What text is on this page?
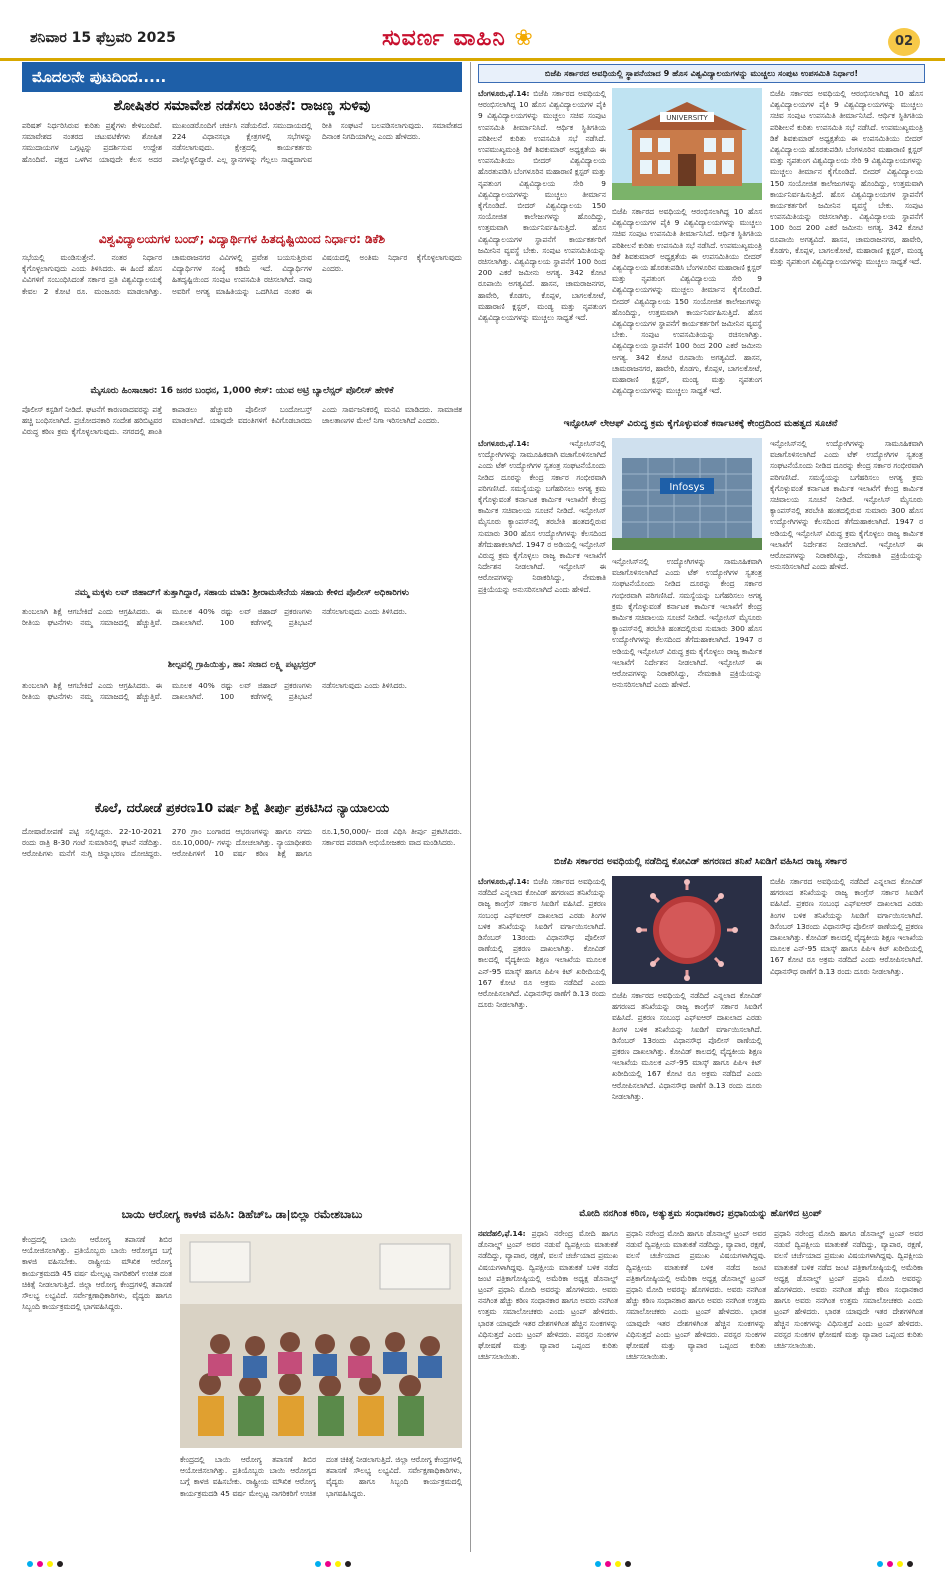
ಶನಿವಾರ 15 ಫೆಬ್ರವರಿ 2025	ಸುವರ್ಣ ವಾಹಿನಿ ❀	02
ಮೊದಲನೇ ಪುಟದಿಂದ.....
ಶೋಷಿತರ ಸಮಾವೇಶ ನಡೆಸಲು ಚಿಂತನೆ: ರಾಜಣ್ಣ ಸುಳಿವು
ಪರಿಷತ್ ನಿರ್ಧರಿಸಿರುವ ಕುರಿತು ಪ್ರಶ್ನೆಗಳು ಕೇಳಿಬಂದಿವೆ. ಸಮಾವೇಶದ ನಂತರದ ಚಟುವಟಿಕೆಗಳು ಶೋಷಿತ ಸಮುದಾಯಗಳ ಒಗ್ಗಟ್ಟನ್ನು ಪ್ರದರ್ಶಿಸುವ ಉದ್ದೇಶ ಹೊಂದಿವೆ. ಪಕ್ಷದ ಒಳಗಿನ ಯಾವುದೇ ಕೆಲಸ ಅದರ ಮುಖಂಡರೊಂದಿಗೆ ಚರ್ಚಿಸಿ ನಡೆಯಲಿದೆ. ಸಮುದಾಯದಲ್ಲಿ 224 ವಿಧಾನಸಭಾ ಕ್ಷೇತ್ರಗಳಲ್ಲಿ ಸಭೆಗಳನ್ನು ನಡೆಸಲಾಗುವುದು. ಕ್ಷೇತ್ರದಲ್ಲಿ ಕಾರ್ಯಕರ್ತರು ಪಾಲ್ಗೊಳ್ಳಲಿದ್ದಾರೆ. ಎಲ್ಲ ಸ್ಥಾನಗಳನ್ನು ಗೆಲ್ಲಲು ಸಾಧ್ಯವಾಗುವ ರೀತಿ ಸಂಘಟನೆ ಬಲಪಡಿಸಲಾಗುವುದು. ಸಮಾವೇಶದ ದಿನಾಂಕ ನಿಗದಿಯಾಗಿಲ್ಲ ಎಂದು ಹೇಳಿದರು.
ವಿಶ್ವವಿದ್ಯಾಲಯಗಳ ಬಂದ್; ವಿದ್ಯಾರ್ಥಿಗಳ ಹಿತದೃಷ್ಟಿಯಿಂದ ನಿರ್ಧಾರ: ಡಿಕೆಶಿ
ಸಭೆಯಲ್ಲಿ ಮಂಡಿಸುತ್ತೇನೆ. ನಂತರ ನಿರ್ಧಾರ ಕೈಗೊಳ್ಳಲಾಗುವುದು ಎಂದು ತಿಳಿಸಿದರು. ಈ ಹಿಂದೆ ಹೊಸ ವಿವಿಗಳಿಗೆ ಸಂಬಂಧಿಸಿದಂತೆ ಸರ್ಕಾರ ಪ್ರತಿ ವಿಶ್ವವಿದ್ಯಾಲಯಕ್ಕೆ ಕೇವಲ 2 ಕೋಟಿ ರೂ. ಮಂಜೂರು ಮಾಡಲಾಗಿತ್ತು. ಚಾಮರಾಜನಗರ ವಿವಿಗಳಲ್ಲಿ ಪ್ರವೇಶ ಬಯಸುತ್ತಿರುವ ವಿದ್ಯಾರ್ಥಿಗಳ ಸಂಖ್ಯೆ ಕಡಿಮೆ ಇದೆ. ವಿದ್ಯಾರ್ಥಿಗಳ ಹಿತದೃಷ್ಟಿಯಿಂದ ಸಂಪುಟ ಉಪಸಮಿತಿ ರಚಿಸಲಾಗಿದೆ. ನಾವು ಅವರಿಗೆ ಅಗತ್ಯ ಮಾಹಿತಿಯನ್ನು ಒದಗಿಸಿದ ನಂತರ ಈ ವಿಷಯದಲ್ಲಿ ಅಂತಿಮ ನಿರ್ಧಾರ ಕೈಗೊಳ್ಳಲಾಗುವುದು ಎಂದರು.
ಮೈಸೂರು ಹಿಂಸಾಚಾರ: 16 ಜನರ ಬಂಧನ, 1,000 ಕೇಸ್: ಯುವ ಅಟ್ರಿ ಬ್ಯಾಲೆನ್ಸರ್ ಪೊಲೀಸ್ ಹೇಳಿಕೆ
ಪೊಲೀಸ್ ಕಸ್ಟಡಿಗೆ ನೀಡಿದೆ. ಘಟನೆಗೆ ಕಾರಣರಾದವರನ್ನು ಪತ್ತೆ ಹಚ್ಚಿ ಬಂಧಿಸಲಾಗಿದೆ. ಪ್ರಚೋದನಕಾರಿ ಸಂದೇಶ ಹರಿಬಿಟ್ಟವರ ವಿರುದ್ಧ ಕಠಿಣ ಕ್ರಮ ಕೈಗೊಳ್ಳಲಾಗುವುದು. ನಗರದಲ್ಲಿ ಶಾಂತಿ ಕಾಪಾಡಲು ಹೆಚ್ಚುವರಿ ಪೊಲೀಸ್ ಬಂದೋಬಸ್ತ್ ಮಾಡಲಾಗಿದೆ. ಯಾವುದೇ ವದಂತಿಗಳಿಗೆ ಕಿವಿಗೊಡಬಾರದು ಎಂದು ಸಾರ್ವಜನಿಕರಲ್ಲಿ ಮನವಿ ಮಾಡಿದರು. ಸಾಮಾಜಿಕ ಜಾಲತಾಣಗಳ ಮೇಲೆ ನಿಗಾ ಇರಿಸಲಾಗಿದೆ ಎಂದರು.
ನಮ್ಮ ಮಕ್ಕಳು ಲವ್ ಜಿಹಾದ್‌ಗೆ ತುತ್ತಾಗಿದ್ದಾರೆ, ಸಹಾಯ ಮಾಡಿ: ಶ್ರೀರಾಮಸೇನೆಯ ಸಹಾಯ ಕೇಳಿದ ಪೊಲೀಸ್ ಅಧಿಕಾರಿಗಳು
ತುಂಬಲಾಗಿ ಶಿಕ್ಷೆ ಆಗಬೇಕಿದೆ ಎಂದು ಆಗ್ರಹಿಸಿದರು. ಈ ರೀತಿಯ ಘಟನೆಗಳು ನಮ್ಮ ಸಮಾಜದಲ್ಲಿ ಹೆಚ್ಚುತ್ತಿವೆ. ಮೂಲಕ 40% ರಷ್ಟು ಲವ್ ಜಿಹಾದ್ ಪ್ರಕರಣಗಳು ದಾಖಲಾಗಿವೆ. 100 ಕಡೆಗಳಲ್ಲಿ ಪ್ರತಿಭಟನೆ ನಡೆಸಲಾಗುವುದು ಎಂದು ತಿಳಿಸಿದರು.
ಶೀಲ್ಪವಲ್ಲಿ ಗ್ರಾಹಿಯಿತ್ತು, ಹಾ: ಸಜಾದ ಲಕ್ಷ್ಮಿ ಪಟ್ಟಭದ್ರರ್
ತುಂಬಲಾಗಿ ಶಿಕ್ಷೆ ಆಗಬೇಕಿದೆ ಎಂದು ಆಗ್ರಹಿಸಿದರು. ಈ ರೀತಿಯ ಘಟನೆಗಳು ನಮ್ಮ ಸಮಾಜದಲ್ಲಿ ಹೆಚ್ಚುತ್ತಿವೆ. ಮೂಲಕ 40% ರಷ್ಟು ಲವ್ ಜಿಹಾದ್ ಪ್ರಕರಣಗಳು ದಾಖಲಾಗಿವೆ. 100 ಕಡೆಗಳಲ್ಲಿ ಪ್ರತಿಭಟನೆ ನಡೆಸಲಾಗುವುದು ಎಂದು ತಿಳಿಸಿದರು.
ಕೊಲೆ, ದರೋಡೆ ಪ್ರಕರಣ10 ವರ್ಷ ಶಿಕ್ಷೆ ತೀರ್ಪು ಪ್ರಕಟಿಸಿದ ನ್ಯಾಯಾಲಯ
ದೋಷಾರೋಪಣೆ ಪಟ್ಟಿ ಸಲ್ಲಿಸಿದ್ದರು. 22-10-2021 ರಂದು ರಾತ್ರಿ 8-30 ಗಂಟೆ ಸುಮಾರಿನಲ್ಲಿ ಘಟನೆ ನಡೆದಿತ್ತು. ಆರೋಪಿಗಳು ಮನೆಗೆ ನುಗ್ಗಿ ಚಿನ್ನಾಭರಣ ದೋಚಿದ್ದರು. 270 ಗ್ರಾಂ ಬಂಗಾರದ ಆಭರಣಗಳನ್ನು ಹಾಗೂ ನಗದು ರೂ.10,000/- ಗಳನ್ನು ದೋಚಲಾಗಿತ್ತು. ನ್ಯಾಯಾಧೀಶರು ಆರೋಪಿಗಳಿಗೆ 10 ವರ್ಷ ಕಠಿಣ ಶಿಕ್ಷೆ ಹಾಗೂ ರೂ.1,50,000/- ದಂಡ ವಿಧಿಸಿ ತೀರ್ಪು ಪ್ರಕಟಿಸಿದರು. ಸರ್ಕಾರದ ಪರವಾಗಿ ಅಭಿಯೋಜಕರು ವಾದ ಮಂಡಿಸಿದರು.
ಬಾಯಿ ಆರೋಗ್ಯ ಕಾಳಜಿ ವಹಿಸಿ: ಡಿಹೆಚ್ಒ ಡಾ|ಬಿಲ್ಲಾ ರಮೇಶಬಾಬು
ಕೇಂದ್ರದಲ್ಲಿ ಬಾಯಿ ಆರೋಗ್ಯ ತಪಾಸಣೆ ಶಿಬಿರ ಆಯೋಜಿಸಲಾಗಿತ್ತು. ಪ್ರತಿಯೊಬ್ಬರು ಬಾಯಿ ಆರೋಗ್ಯದ ಬಗ್ಗೆ ಕಾಳಜಿ ವಹಿಸಬೇಕು. ರಾಷ್ಟ್ರೀಯ ಮೌಖಿಕ ಆರೋಗ್ಯ ಕಾರ್ಯಕ್ರಮದಡಿ 45 ವರ್ಷ ಮೇಲ್ಪಟ್ಟ ನಾಗರಿಕರಿಗೆ ಉಚಿತ ದಂತ ಚಿಕಿತ್ಸೆ ನೀಡಲಾಗುತ್ತಿದೆ. ಜಿಲ್ಲಾ ಆರೋಗ್ಯ ಕೇಂದ್ರಗಳಲ್ಲಿ ತಪಾಸಣೆ ಸೌಲಭ್ಯ ಲಭ್ಯವಿದೆ. ಸರ್ವೇಕ್ಷಣಾಧಿಕಾರಿಗಳು, ವೈದ್ಯರು ಹಾಗೂ ಸಿಬ್ಬಂದಿ ಕಾರ್ಯಕ್ರಮದಲ್ಲಿ ಭಾಗವಹಿಸಿದ್ದರು.
ಕೇಂದ್ರದಲ್ಲಿ ಬಾಯಿ ಆರೋಗ್ಯ ತಪಾಸಣೆ ಶಿಬಿರ ಆಯೋಜಿಸಲಾಗಿತ್ತು. ಪ್ರತಿಯೊಬ್ಬರು ಬಾಯಿ ಆರೋಗ್ಯದ ಬಗ್ಗೆ ಕಾಳಜಿ ವಹಿಸಬೇಕು. ರಾಷ್ಟ್ರೀಯ ಮೌಖಿಕ ಆರೋಗ್ಯ ಕಾರ್ಯಕ್ರಮದಡಿ 45 ವರ್ಷ ಮೇಲ್ಪಟ್ಟ ನಾಗರಿಕರಿಗೆ ಉಚಿತ ದಂತ ಚಿಕಿತ್ಸೆ ನೀಡಲಾಗುತ್ತಿದೆ. ಜಿಲ್ಲಾ ಆರೋಗ್ಯ ಕೇಂದ್ರಗಳಲ್ಲಿ ತಪಾಸಣೆ ಸೌಲಭ್ಯ ಲಭ್ಯವಿದೆ. ಸರ್ವೇಕ್ಷಣಾಧಿಕಾರಿಗಳು, ವೈದ್ಯರು ಹಾಗೂ ಸಿಬ್ಬಂದಿ ಕಾರ್ಯಕ್ರಮದಲ್ಲಿ ಭಾಗವಹಿಸಿದ್ದರು.
ಬಿಜೆಪಿ ಸರ್ಕಾರದ ಅವಧಿಯಲ್ಲಿ ಸ್ಥಾಪನೆಯಾದ 9 ಹೊಸ ವಿಶ್ವವಿದ್ಯಾಲಯಗಳನ್ನು ಮುಚ್ಚಲು ಸಂಪುಟ ಉಪಸಮಿತಿ ನಿರ್ಧಾರ!
ಬೆಂಗಳೂರು,ಫೆ.14: ಬಿಜೆಪಿ ಸರ್ಕಾರದ ಅವಧಿಯಲ್ಲಿ ಆರಂಭಿಸಲಾಗಿದ್ದ 10 ಹೊಸ ವಿಶ್ವವಿದ್ಯಾಲಯಗಳ ಪೈಕಿ 9 ವಿಶ್ವವಿದ್ಯಾಲಯಗಳನ್ನು ಮುಚ್ಚಲು ಸಚಿವ ಸಂಪುಟ ಉಪಸಮಿತಿ ತೀರ್ಮಾನಿಸಿದೆ. ಆರ್ಥಿಕ ಸ್ಥಿತಿಗತಿಯ ಪರಿಶೀಲನೆ ಕುರಿತು ಉಪಸಮಿತಿ ಸಭೆ ನಡೆಸಿದೆ. ಉಪಮುಖ್ಯಮಂತ್ರಿ ಡಿಕೆ ಶಿವಕುಮಾರ್ ಅಧ್ಯಕ್ಷತೆಯ ಈ ಉಪಸಮಿತಿಯು ಬೀದರ್ ವಿಶ್ವವಿದ್ಯಾಲಯ ಹೊರತುಪಡಿಸಿ ಬೆಂಗಳೂರಿನ ಮಹಾರಾಣಿ ಕ್ಲಸ್ಟರ್ ಮತ್ತು ನೃಪತುಂಗ ವಿಶ್ವವಿದ್ಯಾಲಯ ಸೇರಿ 9 ವಿಶ್ವವಿದ್ಯಾಲಯಗಳನ್ನು ಮುಚ್ಚಲು ತೀರ್ಮಾನ ಕೈಗೊಂಡಿದೆ. ಬೀದರ್ ವಿಶ್ವವಿದ್ಯಾಲಯ 150 ಸಂಯೋಜಿತ ಕಾಲೇಜುಗಳನ್ನು ಹೊಂದಿದ್ದು, ಉತ್ತಮವಾಗಿ ಕಾರ್ಯನಿರ್ವಹಿಸುತ್ತಿದೆ. ಹೊಸ ವಿಶ್ವವಿದ್ಯಾಲಯಗಳ ಸ್ಥಾಪನೆಗೆ ಕಾರ್ಯಕರ್ತರಿಗೆ ಜಮೀನಿನ ವ್ಯವಸ್ಥೆ ಬೇಕು. ಸಂಪುಟ ಉಪಸಮಿತಿಯನ್ನು ರಚಿಸಲಾಗಿತ್ತು. ವಿಶ್ವವಿದ್ಯಾಲಯ ಸ್ಥಾಪನೆಗೆ 100 ರಿಂದ 200 ಎಕರೆ ಜಮೀನು ಅಗತ್ಯ. 342 ಕೋಟಿ ರೂಪಾಯಿ ಅಗತ್ಯವಿದೆ. ಹಾಸನ, ಚಾಮರಾಜನಗರ, ಹಾವೇರಿ, ಕೊಡಗು, ಕೊಪ್ಪಳ, ಬಾಗಲಕೋಟೆ, ಮಹಾರಾಣಿ ಕ್ಲಸ್ಟರ್, ಮಂಡ್ಯ ಮತ್ತು ನೃಪತುಂಗ ವಿಶ್ವವಿದ್ಯಾಲಯಗಳನ್ನು ಮುಚ್ಚಲು ಸಾಧ್ಯತೆ ಇದೆ.
UNIVERSITY
ಬಿಜೆಪಿ ಸರ್ಕಾರದ ಅವಧಿಯಲ್ಲಿ ಆರಂಭಿಸಲಾಗಿದ್ದ 10 ಹೊಸ ವಿಶ್ವವಿದ್ಯಾಲಯಗಳ ಪೈಕಿ 9 ವಿಶ್ವವಿದ್ಯಾಲಯಗಳನ್ನು ಮುಚ್ಚಲು ಸಚಿವ ಸಂಪುಟ ಉಪಸಮಿತಿ ತೀರ್ಮಾನಿಸಿದೆ. ಆರ್ಥಿಕ ಸ್ಥಿತಿಗತಿಯ ಪರಿಶೀಲನೆ ಕುರಿತು ಉಪಸಮಿತಿ ಸಭೆ ನಡೆಸಿದೆ. ಉಪಮುಖ್ಯಮಂತ್ರಿ ಡಿಕೆ ಶಿವಕುಮಾರ್ ಅಧ್ಯಕ್ಷತೆಯ ಈ ಉಪಸಮಿತಿಯು ಬೀದರ್ ವಿಶ್ವವಿದ್ಯಾಲಯ ಹೊರತುಪಡಿಸಿ ಬೆಂಗಳೂರಿನ ಮಹಾರಾಣಿ ಕ್ಲಸ್ಟರ್ ಮತ್ತು ನೃಪತುಂಗ ವಿಶ್ವವಿದ್ಯಾಲಯ ಸೇರಿ 9 ವಿಶ್ವವಿದ್ಯಾಲಯಗಳನ್ನು ಮುಚ್ಚಲು ತೀರ್ಮಾನ ಕೈಗೊಂಡಿದೆ. ಬೀದರ್ ವಿಶ್ವವಿದ್ಯಾಲಯ 150 ಸಂಯೋಜಿತ ಕಾಲೇಜುಗಳನ್ನು ಹೊಂದಿದ್ದು, ಉತ್ತಮವಾಗಿ ಕಾರ್ಯನಿರ್ವಹಿಸುತ್ತಿದೆ. ಹೊಸ ವಿಶ್ವವಿದ್ಯಾಲಯಗಳ ಸ್ಥಾಪನೆಗೆ ಕಾರ್ಯಕರ್ತರಿಗೆ ಜಮೀನಿನ ವ್ಯವಸ್ಥೆ ಬೇಕು. ಸಂಪುಟ ಉಪಸಮಿತಿಯನ್ನು ರಚಿಸಲಾಗಿತ್ತು. ವಿಶ್ವವಿದ್ಯಾಲಯ ಸ್ಥಾಪನೆಗೆ 100 ರಿಂದ 200 ಎಕರೆ ಜಮೀನು ಅಗತ್ಯ. 342 ಕೋಟಿ ರೂಪಾಯಿ ಅಗತ್ಯವಿದೆ. ಹಾಸನ, ಚಾಮರಾಜನಗರ, ಹಾವೇರಿ, ಕೊಡಗು, ಕೊಪ್ಪಳ, ಬಾಗಲಕೋಟೆ, ಮಹಾರಾಣಿ ಕ್ಲಸ್ಟರ್, ಮಂಡ್ಯ ಮತ್ತು ನೃಪತುಂಗ ವಿಶ್ವವಿದ್ಯಾಲಯಗಳನ್ನು ಮುಚ್ಚಲು ಸಾಧ್ಯತೆ ಇದೆ.
ಬಿಜೆಪಿ ಸರ್ಕಾರದ ಅವಧಿಯಲ್ಲಿ ಆರಂಭಿಸಲಾಗಿದ್ದ 10 ಹೊಸ ವಿಶ್ವವಿದ್ಯಾಲಯಗಳ ಪೈಕಿ 9 ವಿಶ್ವವಿದ್ಯಾಲಯಗಳನ್ನು ಮುಚ್ಚಲು ಸಚಿವ ಸಂಪುಟ ಉಪಸಮಿತಿ ತೀರ್ಮಾನಿಸಿದೆ. ಆರ್ಥಿಕ ಸ್ಥಿತಿಗತಿಯ ಪರಿಶೀಲನೆ ಕುರಿತು ಉಪಸಮಿತಿ ಸಭೆ ನಡೆಸಿದೆ. ಉಪಮುಖ್ಯಮಂತ್ರಿ ಡಿಕೆ ಶಿವಕುಮಾರ್ ಅಧ್ಯಕ್ಷತೆಯ ಈ ಉಪಸಮಿತಿಯು ಬೀದರ್ ವಿಶ್ವವಿದ್ಯಾಲಯ ಹೊರತುಪಡಿಸಿ ಬೆಂಗಳೂರಿನ ಮಹಾರಾಣಿ ಕ್ಲಸ್ಟರ್ ಮತ್ತು ನೃಪತುಂಗ ವಿಶ್ವವಿದ್ಯಾಲಯ ಸೇರಿ 9 ವಿಶ್ವವಿದ್ಯಾಲಯಗಳನ್ನು ಮುಚ್ಚಲು ತೀರ್ಮಾನ ಕೈಗೊಂಡಿದೆ. ಬೀದರ್ ವಿಶ್ವವಿದ್ಯಾಲಯ 150 ಸಂಯೋಜಿತ ಕಾಲೇಜುಗಳನ್ನು ಹೊಂದಿದ್ದು, ಉತ್ತಮವಾಗಿ ಕಾರ್ಯನಿರ್ವಹಿಸುತ್ತಿದೆ. ಹೊಸ ವಿಶ್ವವಿದ್ಯಾಲಯಗಳ ಸ್ಥಾಪನೆಗೆ ಕಾರ್ಯಕರ್ತರಿಗೆ ಜಮೀನಿನ ವ್ಯವಸ್ಥೆ ಬೇಕು. ಸಂಪುಟ ಉಪಸಮಿತಿಯನ್ನು ರಚಿಸಲಾಗಿತ್ತು. ವಿಶ್ವವಿದ್ಯಾಲಯ ಸ್ಥಾಪನೆಗೆ 100 ರಿಂದ 200 ಎಕರೆ ಜಮೀನು ಅಗತ್ಯ. 342 ಕೋಟಿ ರೂಪಾಯಿ ಅಗತ್ಯವಿದೆ. ಹಾಸನ, ಚಾಮರಾಜನಗರ, ಹಾವೇರಿ, ಕೊಡಗು, ಕೊಪ್ಪಳ, ಬಾಗಲಕೋಟೆ, ಮಹಾರಾಣಿ ಕ್ಲಸ್ಟರ್, ಮಂಡ್ಯ ಮತ್ತು ನೃಪತುಂಗ ವಿಶ್ವವಿದ್ಯಾಲಯಗಳನ್ನು ಮುಚ್ಚಲು ಸಾಧ್ಯತೆ ಇದೆ.
ಇನ್ಫೋಸಿಸ್ ಲೇಆಫ್ ವಿರುದ್ಧ ಕ್ರಮ ಕೈಗೊಳ್ಳುವಂತೆ ಕರ್ನಾಟಕಕ್ಕೆ ಕೇಂದ್ರದಿಂದ ಮಹತ್ವದ ಸೂಚನೆ
ಬೆಂಗಳೂರು,ಫೆ.14:	ಇನ್ಫೋಸಿಸ್‌ನಲ್ಲಿ ಉದ್ಯೋಗಿಗಳನ್ನು ಸಾಮೂಹಿಕವಾಗಿ ವಜಾಗೊಳಿಸಲಾಗಿದೆ ಎಂದು ಟೆಕ್ ಉದ್ಯೋಗಿಗಳ ಸ್ವತಂತ್ರ ಸಂಘಟನೆಯೊಂದು ನೀಡಿದ ದೂರನ್ನು ಕೇಂದ್ರ ಸರ್ಕಾರ ಗಂಭೀರವಾಗಿ ಪರಿಗಣಿಸಿದೆ. ಸಮಸ್ಯೆಯನ್ನು ಬಗೆಹರಿಸಲು ಅಗತ್ಯ ಕ್ರಮ ಕೈಗೊಳ್ಳುವಂತೆ ಕರ್ನಾಟಕ ಕಾರ್ಮಿಕ ಇಲಾಖೆಗೆ ಕೇಂದ್ರ ಕಾರ್ಮಿಕ ಸಚಿವಾಲಯ ಸೂಚನೆ ನೀಡಿದೆ. ಇನ್ಫೋಸಿಸ್ ಮೈಸೂರು ಕ್ಯಾಂಪಸ್‌ನಲ್ಲಿ ತರಬೇತಿ ಹಂತದಲ್ಲಿರುವ ಸುಮಾರು 300 ಹೊಸ ಉದ್ಯೋಗಿಗಳನ್ನು ಕೆಲಸದಿಂದ ತೆಗೆದುಹಾಕಲಾಗಿದೆ. 1947 ರ ಅಡಿಯಲ್ಲಿ ಇನ್ಫೋಸಿಸ್ ವಿರುದ್ಧ ಕ್ರಮ ಕೈಗೊಳ್ಳಲು ರಾಜ್ಯ ಕಾರ್ಮಿಕ ಇಲಾಖೆಗೆ ನಿರ್ದೇಶನ ನೀಡಲಾಗಿದೆ. ಇನ್ಫೋಸಿಸ್ ಈ ಆರೋಪಗಳನ್ನು ನಿರಾಕರಿಸಿದ್ದು, ನೇಮಕಾತಿ ಪ್ರಕ್ರಿಯೆಯನ್ನು ಅನುಸರಿಸಲಾಗಿದೆ ಎಂದು ಹೇಳಿದೆ.
Infosys
ಇನ್ಫೋಸಿಸ್‌ನಲ್ಲಿ ಉದ್ಯೋಗಿಗಳನ್ನು ಸಾಮೂಹಿಕವಾಗಿ ವಜಾಗೊಳಿಸಲಾಗಿದೆ ಎಂದು ಟೆಕ್ ಉದ್ಯೋಗಿಗಳ ಸ್ವತಂತ್ರ ಸಂಘಟನೆಯೊಂದು ನೀಡಿದ ದೂರನ್ನು ಕೇಂದ್ರ ಸರ್ಕಾರ ಗಂಭೀರವಾಗಿ ಪರಿಗಣಿಸಿದೆ. ಸಮಸ್ಯೆಯನ್ನು ಬಗೆಹರಿಸಲು ಅಗತ್ಯ ಕ್ರಮ ಕೈಗೊಳ್ಳುವಂತೆ ಕರ್ನಾಟಕ ಕಾರ್ಮಿಕ ಇಲಾಖೆಗೆ ಕೇಂದ್ರ ಕಾರ್ಮಿಕ ಸಚಿವಾಲಯ ಸೂಚನೆ ನೀಡಿದೆ. ಇನ್ಫೋಸಿಸ್ ಮೈಸೂರು ಕ್ಯಾಂಪಸ್‌ನಲ್ಲಿ ತರಬೇತಿ ಹಂತದಲ್ಲಿರುವ ಸುಮಾರು 300 ಹೊಸ ಉದ್ಯೋಗಿಗಳನ್ನು ಕೆಲಸದಿಂದ ತೆಗೆದುಹಾಕಲಾಗಿದೆ. 1947 ರ ಅಡಿಯಲ್ಲಿ ಇನ್ಫೋಸಿಸ್ ವಿರುದ್ಧ ಕ್ರಮ ಕೈಗೊಳ್ಳಲು ರಾಜ್ಯ ಕಾರ್ಮಿಕ ಇಲಾಖೆಗೆ ನಿರ್ದೇಶನ ನೀಡಲಾಗಿದೆ. ಇನ್ಫೋಸಿಸ್ ಈ ಆರೋಪಗಳನ್ನು ನಿರಾಕರಿಸಿದ್ದು, ನೇಮಕಾತಿ ಪ್ರಕ್ರಿಯೆಯನ್ನು ಅನುಸರಿಸಲಾಗಿದೆ ಎಂದು ಹೇಳಿದೆ.
ಇನ್ಫೋಸಿಸ್‌ನಲ್ಲಿ ಉದ್ಯೋಗಿಗಳನ್ನು ಸಾಮೂಹಿಕವಾಗಿ ವಜಾಗೊಳಿಸಲಾಗಿದೆ ಎಂದು ಟೆಕ್ ಉದ್ಯೋಗಿಗಳ ಸ್ವತಂತ್ರ ಸಂಘಟನೆಯೊಂದು ನೀಡಿದ ದೂರನ್ನು ಕೇಂದ್ರ ಸರ್ಕಾರ ಗಂಭೀರವಾಗಿ ಪರಿಗಣಿಸಿದೆ. ಸಮಸ್ಯೆಯನ್ನು ಬಗೆಹರಿಸಲು ಅಗತ್ಯ ಕ್ರಮ ಕೈಗೊಳ್ಳುವಂತೆ ಕರ್ನಾಟಕ ಕಾರ್ಮಿಕ ಇಲಾಖೆಗೆ ಕೇಂದ್ರ ಕಾರ್ಮಿಕ ಸಚಿವಾಲಯ ಸೂಚನೆ ನೀಡಿದೆ. ಇನ್ಫೋಸಿಸ್ ಮೈಸೂರು ಕ್ಯಾಂಪಸ್‌ನಲ್ಲಿ ತರಬೇತಿ ಹಂತದಲ್ಲಿರುವ ಸುಮಾರು 300 ಹೊಸ ಉದ್ಯೋಗಿಗಳನ್ನು ಕೆಲಸದಿಂದ ತೆಗೆದುಹಾಕಲಾಗಿದೆ. 1947 ರ ಅಡಿಯಲ್ಲಿ ಇನ್ಫೋಸಿಸ್ ವಿರುದ್ಧ ಕ್ರಮ ಕೈಗೊಳ್ಳಲು ರಾಜ್ಯ ಕಾರ್ಮಿಕ ಇಲಾಖೆಗೆ ನಿರ್ದೇಶನ ನೀಡಲಾಗಿದೆ. ಇನ್ಫೋಸಿಸ್ ಈ ಆರೋಪಗಳನ್ನು ನಿರಾಕರಿಸಿದ್ದು, ನೇಮಕಾತಿ ಪ್ರಕ್ರಿಯೆಯನ್ನು ಅನುಸರಿಸಲಾಗಿದೆ ಎಂದು ಹೇಳಿದೆ.
ಬಿಜೆಪಿ ಸರ್ಕಾರದ ಅವಧಿಯಲ್ಲಿ ನಡೆದಿದ್ದ ಕೋವಿಡ್ ಹಗರಣದ ತನಿಖೆ ಸಿಐಡಿಗೆ ವಹಿಸಿದ ರಾಜ್ಯ ಸರ್ಕಾರ
ಬೆಂಗಳೂರು,ಫೆ.14: ಬಿಜೆಪಿ ಸರ್ಕಾರದ ಅವಧಿಯಲ್ಲಿ ನಡೆದಿದೆ ಎನ್ನಲಾದ ಕೋವಿಡ್ ಹಗರಣದ ತನಿಖೆಯನ್ನು ರಾಜ್ಯ ಕಾಂಗ್ರೆಸ್ ಸರ್ಕಾರ ಸಿಐಡಿಗೆ ವಹಿಸಿದೆ. ಪ್ರಕರಣ ಸಂಬಂಧ ಎಫ್ಐಆರ್ ದಾಖಲಾದ ಎರಡು ತಿಂಗಳ ಬಳಿಕ ತನಿಖೆಯನ್ನು ಸಿಐಡಿಗೆ ವರ್ಗಾಯಿಸಲಾಗಿದೆ. ಡಿಸೆಂಬರ್ 13ರಂದು ವಿಧಾನಸೌಧ ಪೊಲೀಸ್ ಠಾಣೆಯಲ್ಲಿ ಪ್ರಕರಣ ದಾಖಲಾಗಿತ್ತು. ಕೋವಿಡ್ ಕಾಲದಲ್ಲಿ ವೈದ್ಯಕೀಯ ಶಿಕ್ಷಣ ಇಲಾಖೆಯ ಮೂಲಕ ಎನ್-95 ಮಾಸ್ಕ್ ಹಾಗೂ ಪಿಪಿಇ ಕಿಟ್ ಖರೀದಿಯಲ್ಲಿ 167 ಕೋಟಿ ರೂ ಅಕ್ರಮ ನಡೆದಿದೆ ಎಂದು ಆರೋಪಿಸಲಾಗಿದೆ. ವಿಧಾನಸೌಧ ಠಾಣೆಗೆ ಡಿ.13 ರಂದು ದೂರು ನೀಡಲಾಗಿತ್ತು.
ಬಿಜೆಪಿ ಸರ್ಕಾರದ ಅವಧಿಯಲ್ಲಿ ನಡೆದಿದೆ ಎನ್ನಲಾದ ಕೋವಿಡ್ ಹಗರಣದ ತನಿಖೆಯನ್ನು ರಾಜ್ಯ ಕಾಂಗ್ರೆಸ್ ಸರ್ಕಾರ ಸಿಐಡಿಗೆ ವಹಿಸಿದೆ. ಪ್ರಕರಣ ಸಂಬಂಧ ಎಫ್ಐಆರ್ ದಾಖಲಾದ ಎರಡು ತಿಂಗಳ ಬಳಿಕ ತನಿಖೆಯನ್ನು ಸಿಐಡಿಗೆ ವರ್ಗಾಯಿಸಲಾಗಿದೆ. ಡಿಸೆಂಬರ್ 13ರಂದು ವಿಧಾನಸೌಧ ಪೊಲೀಸ್ ಠಾಣೆಯಲ್ಲಿ ಪ್ರಕರಣ ದಾಖಲಾಗಿತ್ತು. ಕೋವಿಡ್ ಕಾಲದಲ್ಲಿ ವೈದ್ಯಕೀಯ ಶಿಕ್ಷಣ ಇಲಾಖೆಯ ಮೂಲಕ ಎನ್-95 ಮಾಸ್ಕ್ ಹಾಗೂ ಪಿಪಿಇ ಕಿಟ್ ಖರೀದಿಯಲ್ಲಿ 167 ಕೋಟಿ ರೂ ಅಕ್ರಮ ನಡೆದಿದೆ ಎಂದು ಆರೋಪಿಸಲಾಗಿದೆ. ವಿಧಾನಸೌಧ ಠಾಣೆಗೆ ಡಿ.13 ರಂದು ದೂರು ನೀಡಲಾಗಿತ್ತು.
ಬಿಜೆಪಿ ಸರ್ಕಾರದ ಅವಧಿಯಲ್ಲಿ ನಡೆದಿದೆ ಎನ್ನಲಾದ ಕೋವಿಡ್ ಹಗರಣದ ತನಿಖೆಯನ್ನು ರಾಜ್ಯ ಕಾಂಗ್ರೆಸ್ ಸರ್ಕಾರ ಸಿಐಡಿಗೆ ವಹಿಸಿದೆ. ಪ್ರಕರಣ ಸಂಬಂಧ ಎಫ್ಐಆರ್ ದಾಖಲಾದ ಎರಡು ತಿಂಗಳ ಬಳಿಕ ತನಿಖೆಯನ್ನು ಸಿಐಡಿಗೆ ವರ್ಗಾಯಿಸಲಾಗಿದೆ. ಡಿಸೆಂಬರ್ 13ರಂದು ವಿಧಾನಸೌಧ ಪೊಲೀಸ್ ಠಾಣೆಯಲ್ಲಿ ಪ್ರಕರಣ ದಾಖಲಾಗಿತ್ತು. ಕೋವಿಡ್ ಕಾಲದಲ್ಲಿ ವೈದ್ಯಕೀಯ ಶಿಕ್ಷಣ ಇಲಾಖೆಯ ಮೂಲಕ ಎನ್-95 ಮಾಸ್ಕ್ ಹಾಗೂ ಪಿಪಿಇ ಕಿಟ್ ಖರೀದಿಯಲ್ಲಿ 167 ಕೋಟಿ ರೂ ಅಕ್ರಮ ನಡೆದಿದೆ ಎಂದು ಆರೋಪಿಸಲಾಗಿದೆ. ವಿಧಾನಸೌಧ ಠಾಣೆಗೆ ಡಿ.13 ರಂದು ದೂರು ನೀಡಲಾಗಿತ್ತು.
ಮೋದಿ ನನಗಿಂತ ಕಠಿಣ, ಅತ್ಯುತ್ತಮ ಸಂಧಾನಕಾರ; ಪ್ರಧಾನಿಯನ್ನು ಹೊಗಳಿದ ಟ್ರಂಪ್
ನವದೆಹಲಿ,ಫೆ.14: ಪ್ರಧಾನಿ ನರೇಂದ್ರ ಮೋದಿ ಹಾಗೂ ಡೊನಾಲ್ಡ್ ಟ್ರಂಪ್ ಅವರ ನಡುವೆ ದ್ವಿಪಕ್ಷೀಯ ಮಾತುಕತೆ ನಡೆದಿದ್ದು, ವ್ಯಾಪಾರ, ರಕ್ಷಣೆ, ವಲಸೆ ಚರ್ಚೆಯಾದ ಪ್ರಮುಖ ವಿಷಯಗಳಾಗಿದ್ದವು. ದ್ವಿಪಕ್ಷೀಯ ಮಾತುಕತೆ ಬಳಿಕ ನಡೆದ ಜಂಟಿ ಪತ್ರಿಕಾಗೋಷ್ಠಿಯಲ್ಲಿ ಅಮೆರಿಕಾ ಅಧ್ಯಕ್ಷ ಡೊನಾಲ್ಡ್ ಟ್ರಂಪ್ ಪ್ರಧಾನಿ ಮೋದಿ ಅವರನ್ನು ಹೊಗಳಿದರು. ಅವರು ನನಗಿಂತ ಹೆಚ್ಚು ಕಠಿಣ ಸಂಧಾನಕಾರ ಹಾಗೂ ಅವರು ನನಗಿಂತ ಉತ್ತಮ ಸಮಾಲೋಚಕರು ಎಂದು ಟ್ರಂಪ್ ಹೇಳಿದರು. ಭಾರತ ಯಾವುದೇ ಇತರ ದೇಶಗಳಿಗಿಂತ ಹೆಚ್ಚಿನ ಸುಂಕಗಳನ್ನು ವಿಧಿಸುತ್ತದೆ ಎಂದು ಟ್ರಂಪ್ ಹೇಳಿದರು. ಪರಸ್ಪರ ಸುಂಕಗಳ ಘೋಷಣೆ ಮತ್ತು ವ್ಯಾಪಾರ ಒಪ್ಪಂದ ಕುರಿತು ಚರ್ಚಿಸಲಾಯಿತು.
ಪ್ರಧಾನಿ ನರೇಂದ್ರ ಮೋದಿ ಹಾಗೂ ಡೊನಾಲ್ಡ್ ಟ್ರಂಪ್ ಅವರ ನಡುವೆ ದ್ವಿಪಕ್ಷೀಯ ಮಾತುಕತೆ ನಡೆದಿದ್ದು, ವ್ಯಾಪಾರ, ರಕ್ಷಣೆ, ವಲಸೆ ಚರ್ಚೆಯಾದ ಪ್ರಮುಖ ವಿಷಯಗಳಾಗಿದ್ದವು. ದ್ವಿಪಕ್ಷೀಯ ಮಾತುಕತೆ ಬಳಿಕ ನಡೆದ ಜಂಟಿ ಪತ್ರಿಕಾಗೋಷ್ಠಿಯಲ್ಲಿ ಅಮೆರಿಕಾ ಅಧ್ಯಕ್ಷ ಡೊನಾಲ್ಡ್ ಟ್ರಂಪ್ ಪ್ರಧಾನಿ ಮೋದಿ ಅವರನ್ನು ಹೊಗಳಿದರು. ಅವರು ನನಗಿಂತ ಹೆಚ್ಚು ಕಠಿಣ ಸಂಧಾನಕಾರ ಹಾಗೂ ಅವರು ನನಗಿಂತ ಉತ್ತಮ ಸಮಾಲೋಚಕರು ಎಂದು ಟ್ರಂಪ್ ಹೇಳಿದರು. ಭಾರತ ಯಾವುದೇ ಇತರ ದೇಶಗಳಿಗಿಂತ ಹೆಚ್ಚಿನ ಸುಂಕಗಳನ್ನು ವಿಧಿಸುತ್ತದೆ ಎಂದು ಟ್ರಂಪ್ ಹೇಳಿದರು. ಪರಸ್ಪರ ಸುಂಕಗಳ ಘೋಷಣೆ ಮತ್ತು ವ್ಯಾಪಾರ ಒಪ್ಪಂದ ಕುರಿತು ಚರ್ಚಿಸಲಾಯಿತು.
ಪ್ರಧಾನಿ ನರೇಂದ್ರ ಮೋದಿ ಹಾಗೂ ಡೊನಾಲ್ಡ್ ಟ್ರಂಪ್ ಅವರ ನಡುವೆ ದ್ವಿಪಕ್ಷೀಯ ಮಾತುಕತೆ ನಡೆದಿದ್ದು, ವ್ಯಾಪಾರ, ರಕ್ಷಣೆ, ವಲಸೆ ಚರ್ಚೆಯಾದ ಪ್ರಮುಖ ವಿಷಯಗಳಾಗಿದ್ದವು. ದ್ವಿಪಕ್ಷೀಯ ಮಾತುಕತೆ ಬಳಿಕ ನಡೆದ ಜಂಟಿ ಪತ್ರಿಕಾಗೋಷ್ಠಿಯಲ್ಲಿ ಅಮೆರಿಕಾ ಅಧ್ಯಕ್ಷ ಡೊನಾಲ್ಡ್ ಟ್ರಂಪ್ ಪ್ರಧಾನಿ ಮೋದಿ ಅವರನ್ನು ಹೊಗಳಿದರು. ಅವರು ನನಗಿಂತ ಹೆಚ್ಚು ಕಠಿಣ ಸಂಧಾನಕಾರ ಹಾಗೂ ಅವರು ನನಗಿಂತ ಉತ್ತಮ ಸಮಾಲೋಚಕರು ಎಂದು ಟ್ರಂಪ್ ಹೇಳಿದರು. ಭಾರತ ಯಾವುದೇ ಇತರ ದೇಶಗಳಿಗಿಂತ ಹೆಚ್ಚಿನ ಸುಂಕಗಳನ್ನು ವಿಧಿಸುತ್ತದೆ ಎಂದು ಟ್ರಂಪ್ ಹೇಳಿದರು. ಪರಸ್ಪರ ಸುಂಕಗಳ ಘೋಷಣೆ ಮತ್ತು ವ್ಯಾಪಾರ ಒಪ್ಪಂದ ಕುರಿತು ಚರ್ಚಿಸಲಾಯಿತು.
